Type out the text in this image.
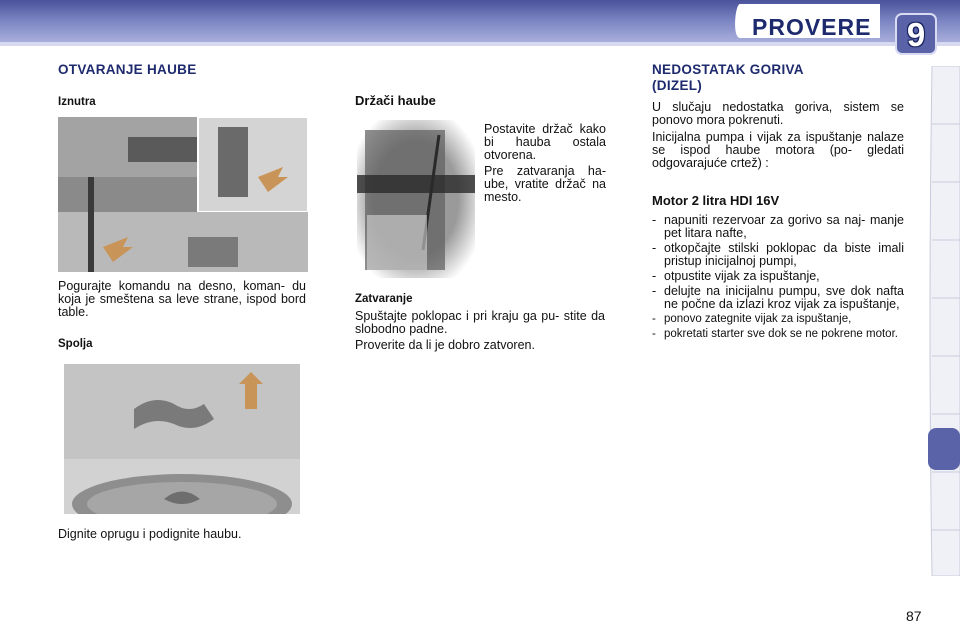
PROVERE	9
OTVARANJE HAUBE
Iznutra

Pogurajte komandu na desno, koman- du koja je smeštena sa leve strane, ispod bord table.

Spolja

Dignite oprugu i podignite haubu.

Držači haube

Postavite držač kako bi hauba ostala otvorena.

Pre zatvaranja ha- ube, vratite držač na mesto.

Zatvaranje

Spuštajte poklopac i pri kraju ga pu- stite da slobodno padne.

Proverite da li je dobro zatvoren.

NEDOSTATAK GORIVA
(DIZEL)

U slučaju nedostatka goriva, sistem se ponovo mora pokrenuti.

Inicijalna pumpa i vijak za ispuštanje nalaze se ispod haube motora (po- gledati odgovarajuće crtež) :

Motor 2 litra HDI 16V
- napuniti rezervoar za gorivo sa naj- manje pet litara nafte,
- otkopčajte stilski poklopac da biste imali pristup inicijalnoj pumpi,
- otpustite vijak za ispuštanje,
- delujte na inicijalnu pumpu, sve dok nafta ne počne da izlazi kroz vijak za ispuštanje,
- ponovo zategnite vijak za ispuštanje,
- pokretati starter sve dok se ne pokrene motor.
87
